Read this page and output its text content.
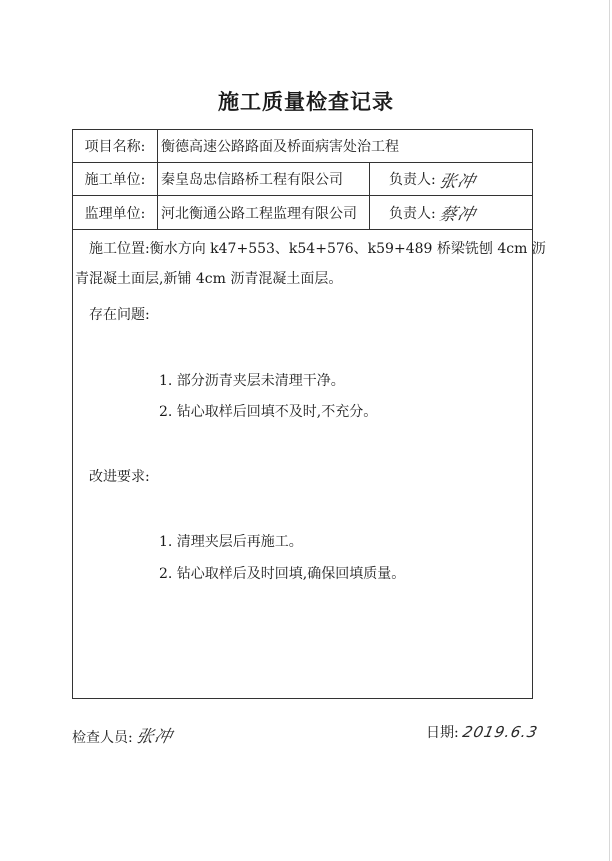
施工质量检查记录
项目名称:	衡德高速公路路面及桥面病害处治工程
施工单位:	秦皇岛忠信路桥工程有限公司	负责人: 张冲
监理单位:	河北衡通公路工程监理有限公司 负责人: 蔡冲
施工位置:衡水方向 k47+553、k54+576、k59+489 桥梁铣刨 4cm 沥
青混凝土面层,新铺 4cm 沥青混凝土面层。
存在问题:
1. 部分沥青夹层未清理干净。
2. 钻心取样后回填不及时,不充分。
改进要求:
1. 清理夹层后再施工。
2. 钻心取样后及时回填,确保回填质量。
检查人员: 张冲	日期: 2019.6.3
